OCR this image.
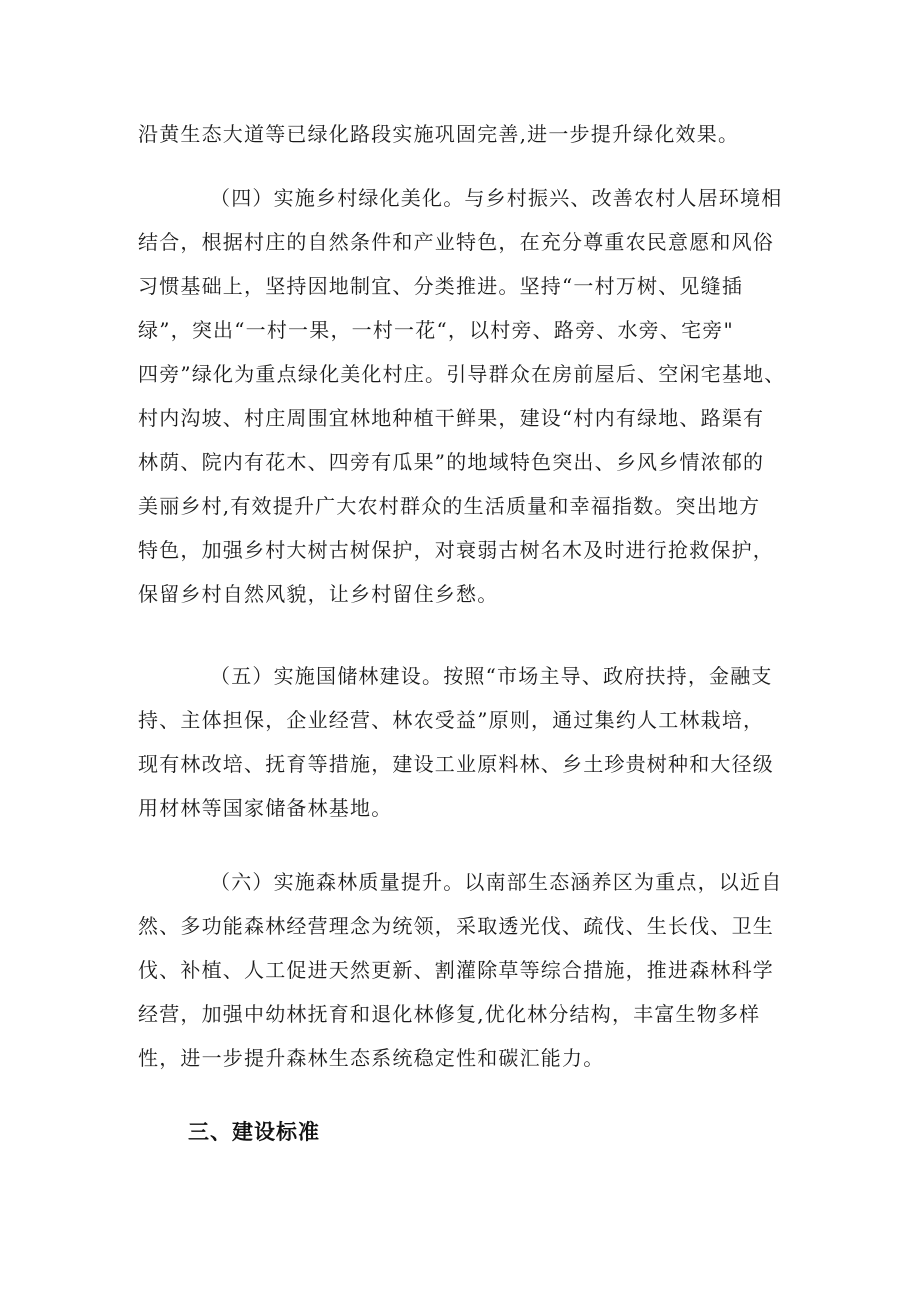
沿黄生态大道等已绿化路段实施巩固完善,进一步提升绿化效果。
（四）实施乡村绿化美化。与乡村振兴、改善农村人居环境相
结合，根据村庄的自然条件和产业特色，在充分尊重农民意愿和风俗
习惯基础上，坚持因地制宜、分类推进。坚持“一村万树、见缝插
绿”，突出“一村一果，一村一花“，以村旁、路旁、水旁、宅旁"
四旁”绿化为重点绿化美化村庄。引导群众在房前屋后、空闲宅基地、
村内沟坡、村庄周围宜林地种植干鲜果，建设“村内有绿地、路渠有
林荫、院内有花木、四旁有瓜果”的地域特色突出、乡风乡情浓郁的
美丽乡村,有效提升广大农村群众的生活质量和幸福指数。突出地方
特色，加强乡村大树古树保护，对衰弱古树名木及时进行抢救保护，
保留乡村自然风貌，让乡村留住乡愁。
（五）实施国储林建设。按照“市场主导、政府扶持，金融支
持、主体担保，企业经营、林农受益”原则，通过集约人工林栽培，
现有林改培、抚育等措施，建设工业原料林、乡土珍贵树种和大径级
用材林等国家储备林基地。
（六）实施森林质量提升。以南部生态涵养区为重点，以近自
然、多功能森林经营理念为统领，采取透光伐、疏伐、生长伐、卫生
伐、补植、人工促进天然更新、割灌除草等综合措施，推进森林科学
经营，加强中幼林抚育和退化林修复,优化林分结构，丰富生物多样
性，进一步提升森林生态系统稳定性和碳汇能力。
三、建设标准
